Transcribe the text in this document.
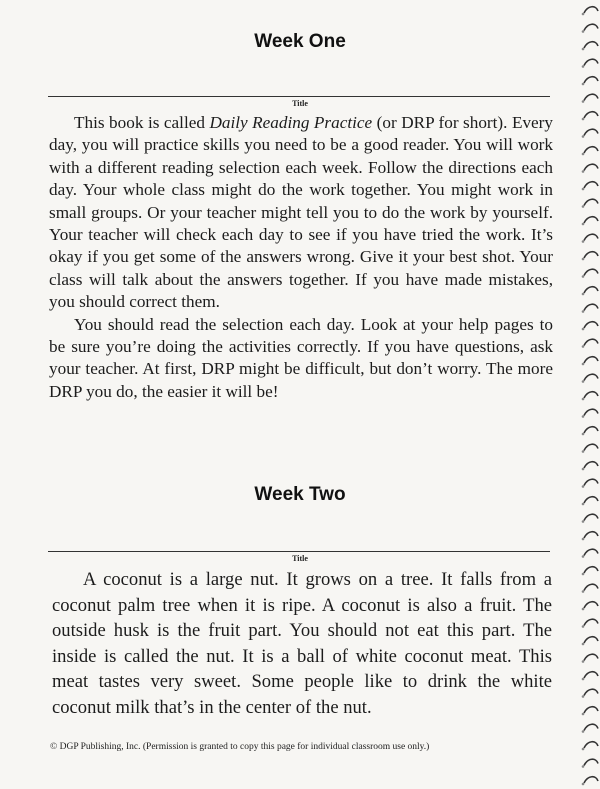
Week One
Title

This book is called Daily Reading Practice (or DRP for short). Every day, you will practice skills you need to be a good reader. You will work with a different reading selection each week. Follow the directions each day. Your whole class might do the work together. You might work in small groups. Or your teacher might tell you to do the work by yourself. Your teacher will check each day to see if you have tried the work. It’s okay if you get some of the answers wrong. Give it your best shot. Your class will talk about the answers together. If you have made mistakes, you should correct them.

You should read the selection each day. Look at your help pages to be sure you’re doing the activities correctly. If you have questions, ask your teacher. At first, DRP might be difficult, but don’t worry. The more DRP you do, the easier it will be!

Week Two
Title

A coconut is a large nut. It grows on a tree. It falls from a coconut palm tree when it is ripe. A coconut is also a fruit. The outside husk is the fruit part. You should not eat this part. The inside is called the nut. It is a ball of white coconut meat. This meat tastes very sweet. Some people like to drink the white coconut milk that’s in the center of the nut.

© DGP Publishing, Inc. (Permission is granted to copy this page for individual classroom use only.)
